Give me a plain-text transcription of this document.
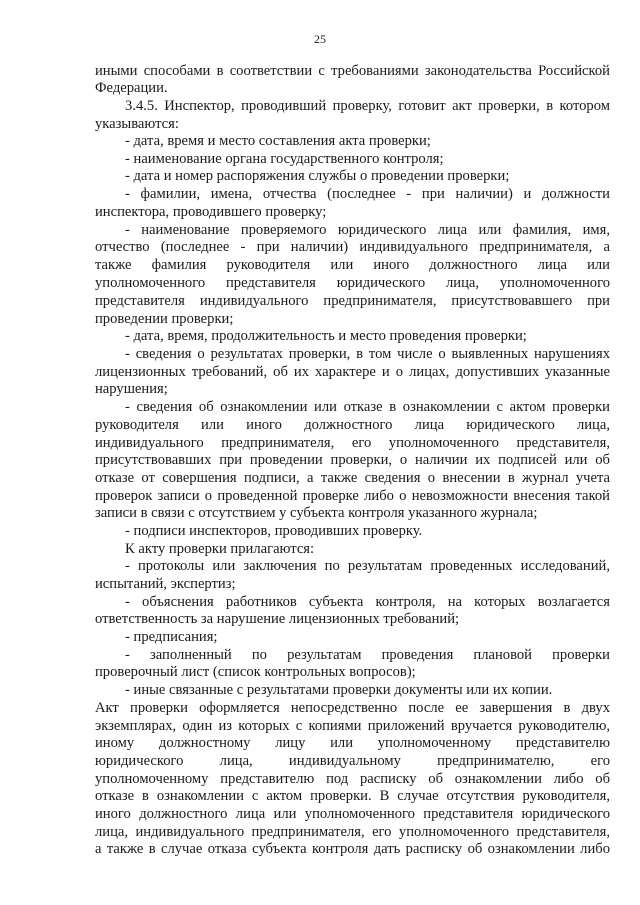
25
иными способами в соответствии с требованиями законодательства Российской
Федерации.
3.4.5. Инспектор, проводивший проверку, готовит акт проверки, в котором
указываются:
- дата, время и место составления акта проверки;
- наименование органа государственного контроля;
- дата и номер распоряжения службы о проведении проверки;
- фамилии, имена, отчества (последнее - при наличии) и должности
инспектора, проводившего проверку;
- наименование проверяемого юридического лица или фамилия, имя,
отчество (последнее - при наличии) индивидуального предпринимателя, а
также фамилия руководителя или иного должностного лица или
уполномоченного представителя юридического лица, уполномоченного
представителя индивидуального предпринимателя, присутствовавшего при
проведении проверки;
- дата, время, продолжительность и место проведения проверки;
- сведения о результатах проверки, в том числе о выявленных нарушениях
лицензионных требований, об их характере и о лицах, допустивших указанные
нарушения;
- сведения об ознакомлении или отказе в ознакомлении с актом проверки
руководителя или иного должностного лица юридического лица,
индивидуального предпринимателя, его уполномоченного представителя,
присутствовавших при проведении проверки, о наличии их подписей или об
отказе от совершения подписи, а также сведения о внесении в журнал учета
проверок записи о проведенной проверке либо о невозможности внесения такой
записи в связи с отсутствием у субъекта контроля указанного журнала;
- подписи инспекторов, проводивших проверку.
К акту проверки прилагаются:
- протоколы или заключения по результатам проведенных исследований,
испытаний, экспертиз;
- объяснения работников субъекта контроля, на которых возлагается
ответственность за нарушение лицензионных требований;
- предписания;
- заполненный по результатам проведения плановой проверки
проверочный лист (список контрольных вопросов);
- иные связанные с результатами проверки документы или их копии.
Акт проверки оформляется непосредственно после ее завершения в двух
экземплярах, один из которых с копиями приложений вручается руководителю,
иному должностному лицу или уполномоченному представителю
юридического лица, индивидуальному предпринимателю, его
уполномоченному представителю под расписку об ознакомлении либо об
отказе в ознакомлении с актом проверки. В случае отсутствия руководителя,
иного должностного лица или уполномоченного представителя юридического
лица, индивидуального предпринимателя, его уполномоченного представителя,
а также в случае отказа субъекта контроля дать расписку об ознакомлении либо
